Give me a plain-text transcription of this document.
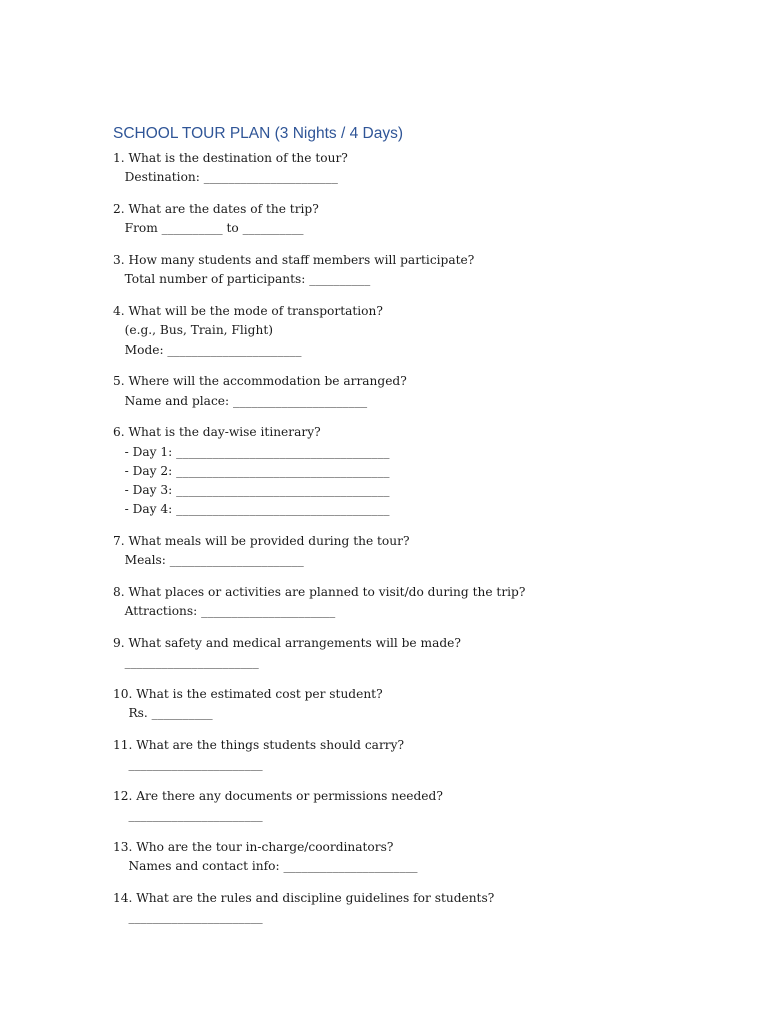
SCHOOL TOUR PLAN (3 Nights / 4 Days)
1. What is the destination of the tour?
Destination: ______________________
2. What are the dates of the trip?
From __________ to __________
3. How many students and staff members will participate?
Total number of participants: __________
4. What will be the mode of transportation?
(e.g., Bus, Train, Flight)
Mode: ______________________
5. Where will the accommodation be arranged?
Name and place: ______________________
6. What is the day-wise itinerary?
- Day 1: ___________________________________
- Day 2: ___________________________________
- Day 3: ___________________________________
- Day 4: ___________________________________
7. What meals will be provided during the tour?
Meals: ______________________
8. What places or activities are planned to visit/do during the trip?
Attractions: ______________________
9. What safety and medical arrangements will be made?
______________________
10. What is the estimated cost per student?
Rs. __________
11. What are the things students should carry?
______________________
12. Are there any documents or permissions needed?
______________________
13. Who are the tour in-charge/coordinators?
Names and contact info: ______________________
14. What are the rules and discipline guidelines for students?
______________________
